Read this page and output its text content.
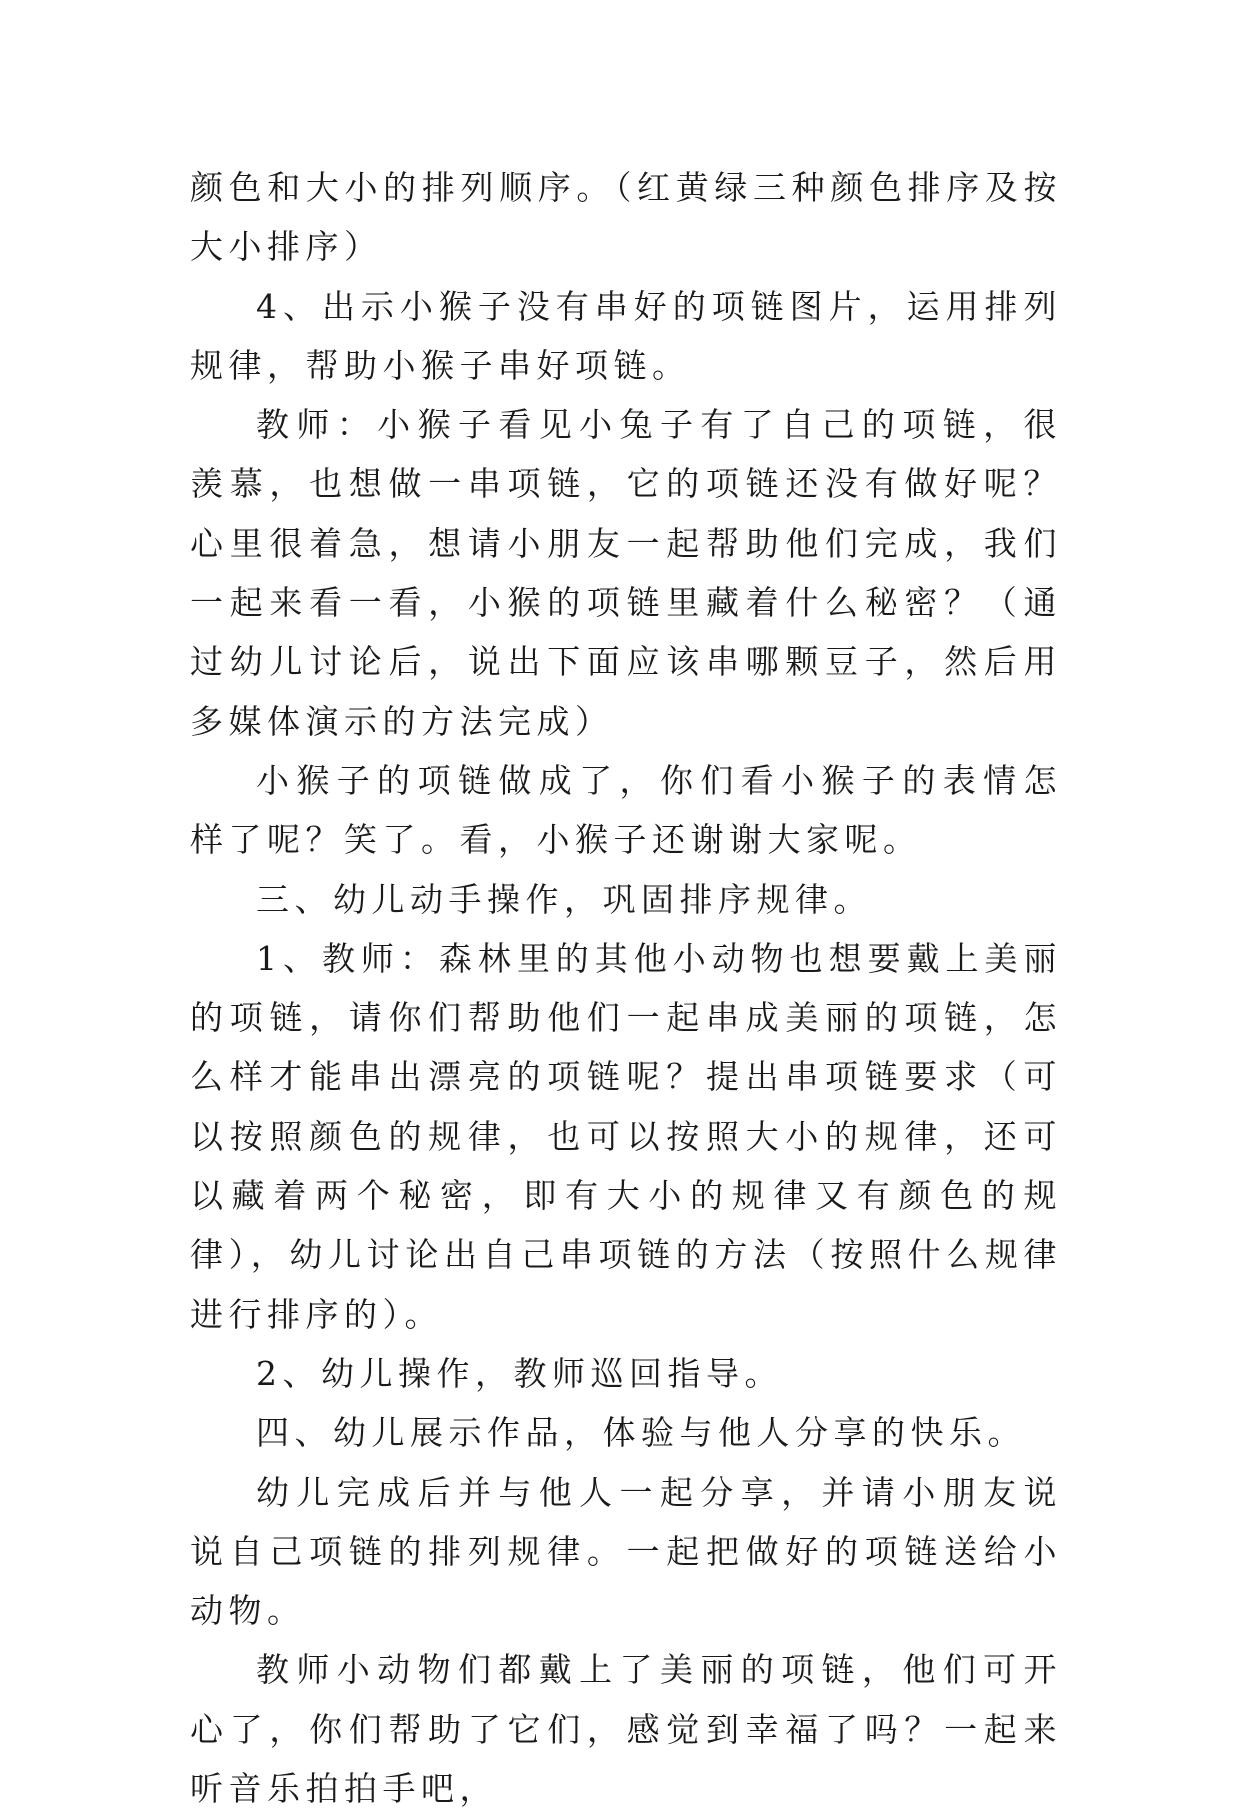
颜色和大小的排列顺序。（红黄绿三种颜色排序及按大小排序）

4、出示小猴子没有串好的项链图片，运用排列规律，帮助小猴子串好项链。

教师：小猴子看见小兔子有了自己的项链，很羡慕，也想做一串项链，它的项链还没有做好呢？心里很着急，想请小朋友一起帮助他们完成，我们一起来看一看，小猴的项链里藏着什么秘密？（通过幼儿讨论后，说出下面应该串哪颗豆子，然后用多媒体演示的方法完成）

小猴子的项链做成了，你们看小猴子的表情怎样了呢？笑了。看，小猴子还谢谢大家呢。

三、幼儿动手操作，巩固排序规律。

1、教师：森林里的其他小动物也想要戴上美丽的项链，请你们帮助他们一起串成美丽的项链，怎么样才能串出漂亮的项链呢？提出串项链要求（可以按照颜色的规律，也可以按照大小的规律，还可以藏着两个秘密，即有大小的规律又有颜色的规律），幼儿讨论出自己串项链的方法（按照什么规律进行排序的）。

2、幼儿操作，教师巡回指导。

四、幼儿展示作品，体验与他人分享的快乐。

幼儿完成后并与他人一起分享，并请小朋友说说自己项链的排列规律。一起把做好的项链送给小动物。

教师小动物们都戴上了美丽的项链，他们可开心了，你们帮助了它们，感觉到幸福了吗？一起来听音乐拍拍手吧，
